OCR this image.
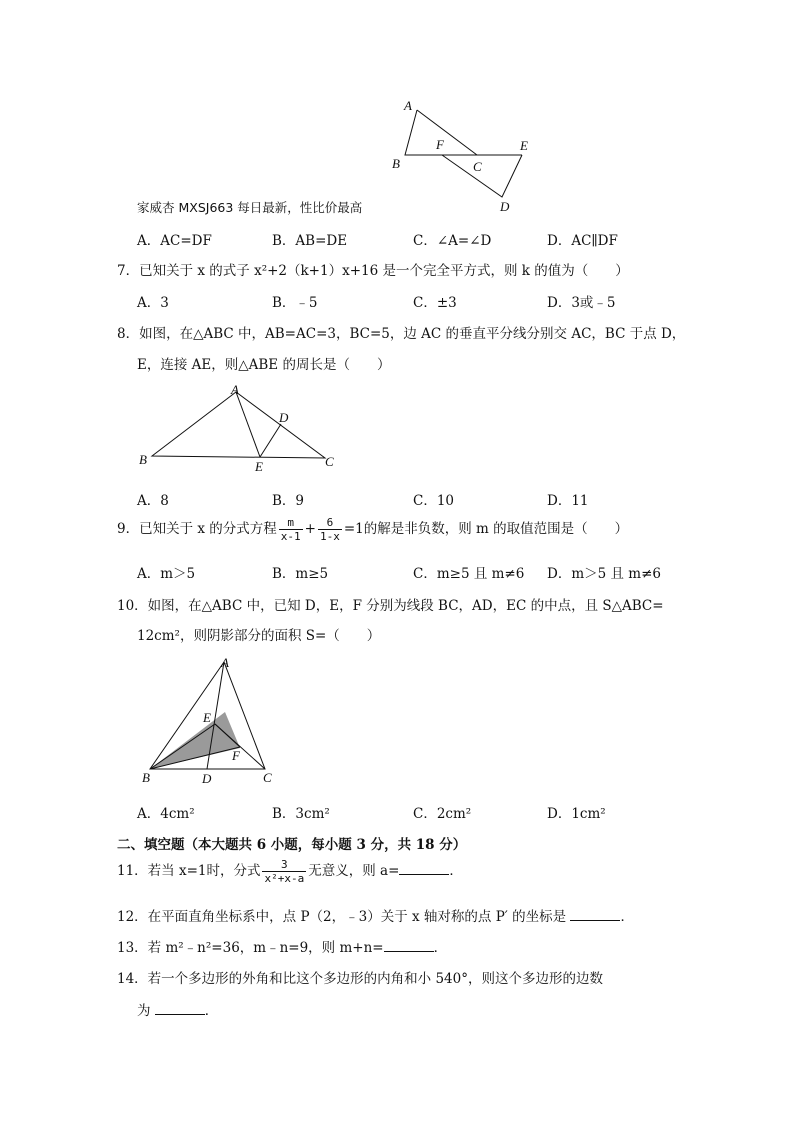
A
B
F
C
E
D
家威杏 MXSJ663 每日最新，性比价最高
A．AC=DF	B．AB=DE	C．∠A=∠D	D．AC∥DF
7．已知关于 x 的式子 x²+2（k+1）x+16 是一个完全平方式，则 k 的值为（　　）
A．3	B．﹣5	C．±3	D．3或﹣5
8．如图，在△ABC 中，AB=AC=3，BC=5，边 AC 的垂直平分线分别交 AC，BC 于点 D，
E，连接 AE，则△ABE 的周长是（　　）
A
D
B	E	C
A．8	B．9	C．10	D．11
9．已知关于 x 的分式方程 $\frac{m}{x-1} + \frac{6}{1-x} =1$的解是非负数，则 m 的取值范围是（　　）
A．m＞5	B．m≥5	C．m≥5 且 m≠6 D．m＞5 且 m≠6
10．如图，在△ABC 中，已知 D，E，F 分别为线段 BC，AD，EC 的中点，且 S△ABC=
12cm²，则阴影部分的面积 S=（　　）
A
E
F
B	D	C
A．4cm²	B．3cm²	C．2cm²	D．1cm²
二、填空题（本大题共 6 小题，每小题 3 分，共 18 分）
11．若当 x=1时，分式 $\frac{3}{\text{x²+x-a}}$ 无意义，则 a=	．
12．在平面直角坐标系中，点 P（2，﹣3）关于 x 轴对称的点 P′ 的坐标是	．
13．若 m²﹣n²=36，m﹣n=9，则 m+n=	．
14．若一个多边形的外角和比这个多边形的内角和小 540°，则这个多边形的边数
为	．
